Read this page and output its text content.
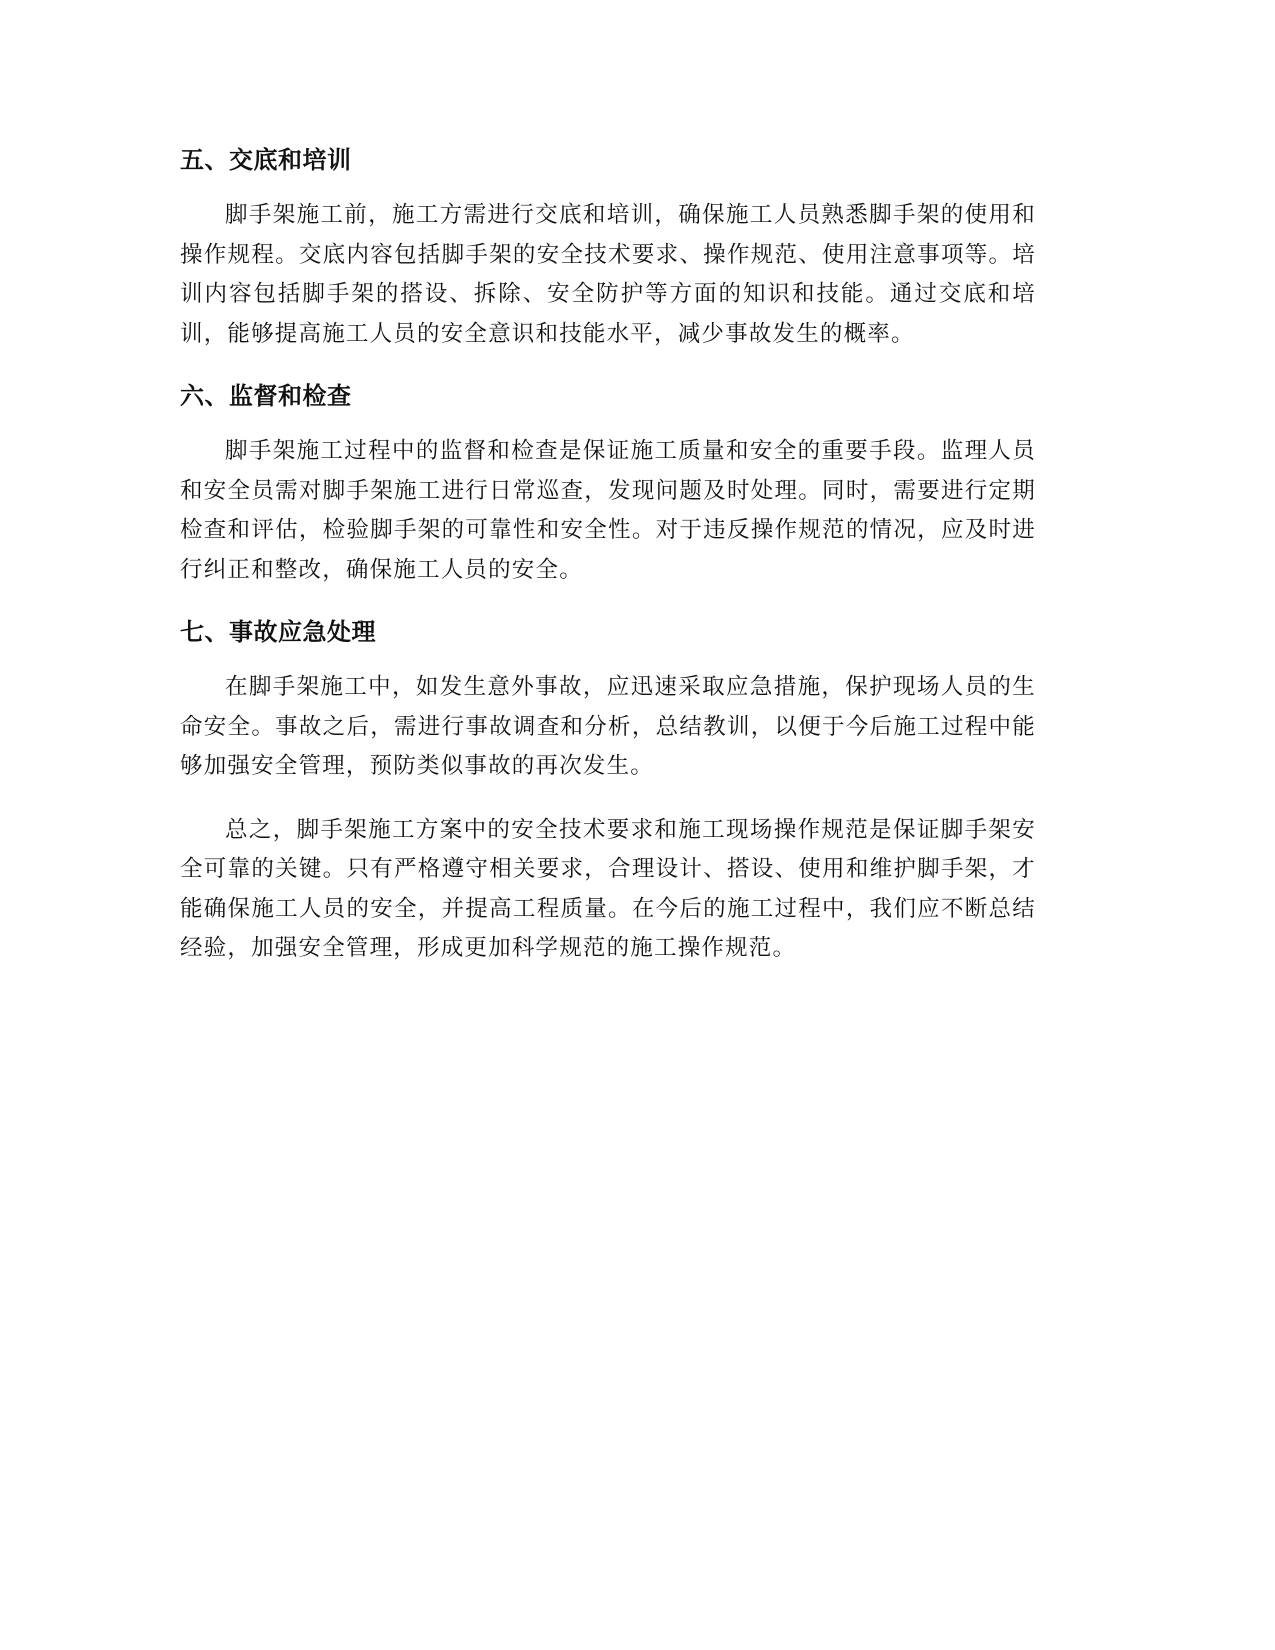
五、交底和培训

脚手架施工前，施工方需进行交底和培训，确保施工人员熟悉脚手架的使用和操作规程。交底内容包括脚手架的安全技术要求、操作规范、使用注意事项等。培训内容包括脚手架的搭设、拆除、安全防护等方面的知识和技能。通过交底和培训，能够提高施工人员的安全意识和技能水平，减少事故发生的概率。

六、监督和检查

脚手架施工过程中的监督和检查是保证施工质量和安全的重要手段。监理人员和安全员需对脚手架施工进行日常巡查，发现问题及时处理。同时，需要进行定期检查和评估，检验脚手架的可靠性和安全性。对于违反操作规范的情况，应及时进行纠正和整改，确保施工人员的安全。

七、事故应急处理

在脚手架施工中，如发生意外事故，应迅速采取应急措施，保护现场人员的生命安全。事故之后，需进行事故调查和分析，总结教训，以便于今后施工过程中能够加强安全管理，预防类似事故的再次发生。

总之，脚手架施工方案中的安全技术要求和施工现场操作规范是保证脚手架安全可靠的关键。只有严格遵守相关要求，合理设计、搭设、使用和维护脚手架，才能确保施工人员的安全，并提高工程质量。在今后的施工过程中，我们应不断总结经验，加强安全管理，形成更加科学规范的施工操作规范。
